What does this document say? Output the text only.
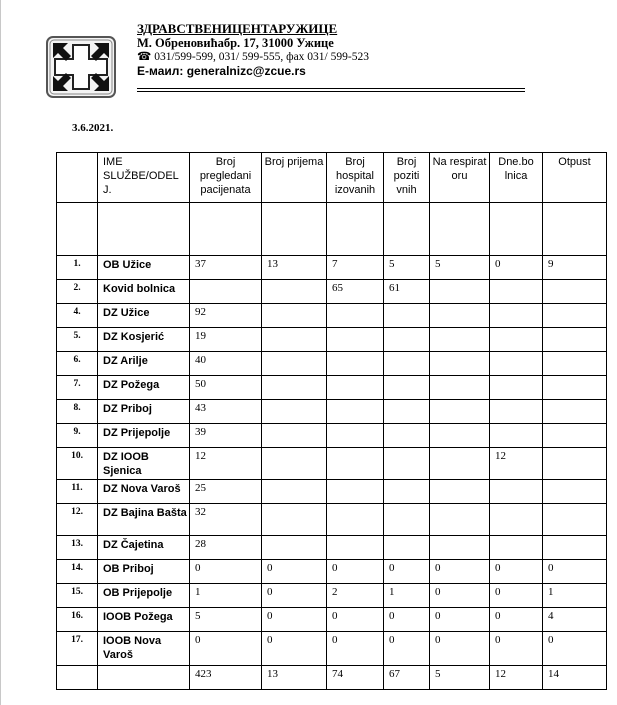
ЗДРАВСТВЕНИЦЕНТАРУЖИЦЕ
М. Обреновићабр. 17, 31000 Ужице
☎ 031/599-599, 031/ 599-555, фах 031/ 599-523
Е-маил: generalnizc@zcue.rs
3.6.2021.
	IME SLUŽBE/ODEL J.	Broj pregledani pacijenata	Broj prijema	Broj hospital izovanih	Broj poziti vnih	Na respirat oru	Dne.bo lnica	Otpust

1.	OB Užice	37	13	7	5	5	0	9
2.	Kovid bolnica			65	61			
4.	DZ Užice	92						
5.	DZ Kosjerić	19						
6.	DZ Arilje	40						
7.	DZ Požega	50						
8.	DZ Priboj	43						
9.	DZ Prijepolje	39						
10.	DZ IOOB Sjenica	12					12	
11.	DZ Nova Varoš	25						
12.	DZ Bajina Bašta	32						
13.	DZ Čajetina	28						
14.	OB Priboj	0	0	0	0	0	0	0
15.	OB Prijepolje	1	0	2	1	0	0	1
16.	IOOB Požega	5	0	0	0	0	0	4
17.	IOOB Nova Varoš	0	0	0	0	0	0	0
		423	13	74	67	5	12	14
